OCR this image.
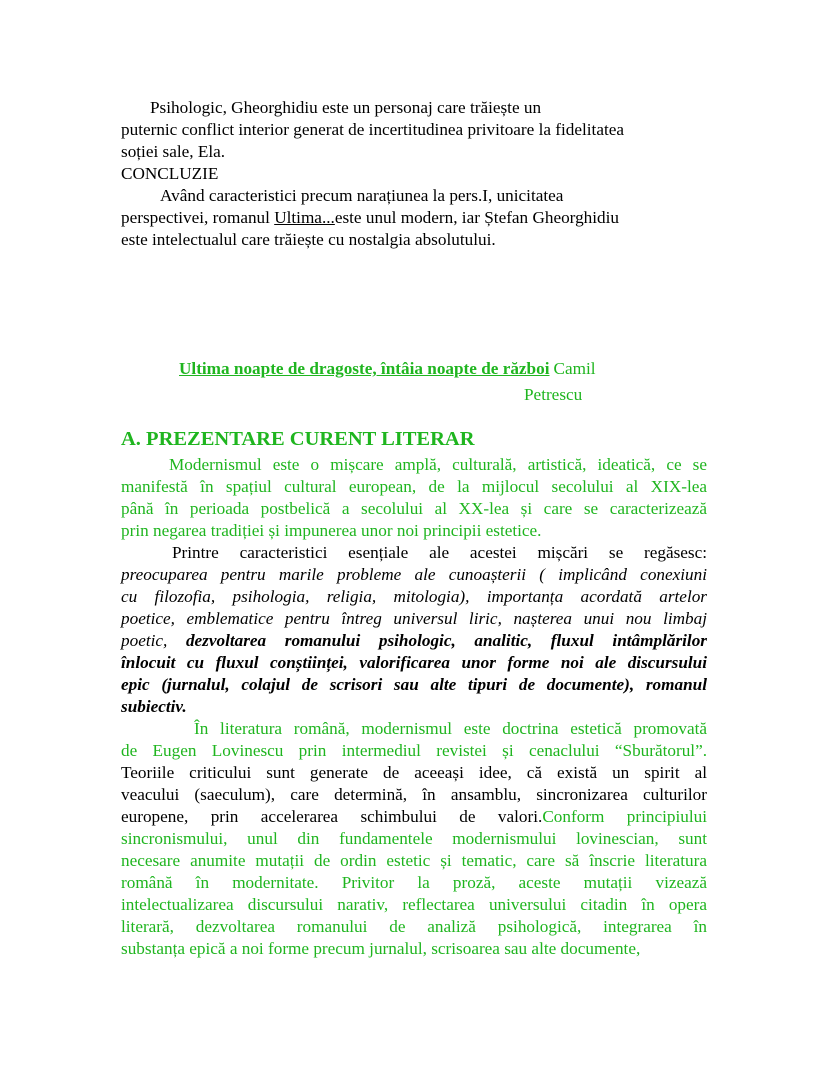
Psihologic, Gheorghidiu este un personaj care trăiește un
puternic conflict interior generat de incertitudinea privitoare la fidelitatea
soției sale, Ela.
CONCLUZIE
Având caracteristici precum narațiunea la pers.I, unicitatea
perspectivei, romanul Ultima...este unul modern, iar Ștefan Gheorghidiu
este intelectualul care trăiește cu nostalgia absolutului.
Ultima noapte de dragoste, întâia noapte de război Camil
Petrescu
A. PREZENTARE CURENT LITERAR
Modernismul este o mișcare amplă, culturală, artistică, ideatică, ce se
manifestă în spațiul cultural european, de la mijlocul secolului al XIX-lea
până în perioada postbelică a secolului al XX-lea și care se caracterizează
prin negarea tradiției și impunerea unor noi principii estetice.
Printre caracteristici esențiale ale acestei mișcări se regăsesc:
preocuparea pentru marile probleme ale cunoașterii ( implicând conexiuni
cu filozofia, psihologia, religia, mitologia), importanța acordată artelor
poetice, emblematice pentru întreg universul liric, nașterea unui nou limbaj
poetic, dezvoltarea romanului psihologic, analitic, fluxul intâmplărilor
înlocuit cu fluxul conștiinței, valorificarea unor forme noi ale discursului
epic (jurnalul, colajul de scrisori sau alte tipuri de documente), romanul
subiectiv.
În literatura română, modernismul este doctrina estetică promovată
de Eugen Lovinescu prin intermediul revistei și cenaclului “Sburătorul”.
Teoriile criticului sunt generate de aceeași idee, că există un spirit al
veacului (saeculum), care determină, în ansamblu, sincronizarea culturilor
europene, prin accelerarea schimbului de valori.Conform principiului
sincronismului, unul din fundamentele modernismului lovinescian, sunt
necesare anumite mutații de ordin estetic și tematic, care să înscrie literatura
română în modernitate. Privitor la proză, aceste mutații vizează
intelectualizarea discursului narativ, reflectarea universului citadin în opera
literară, dezvoltarea romanului de analiză psihologică, integrarea în
substanța epică a noi forme precum jurnalul, scrisoarea sau alte documente,
